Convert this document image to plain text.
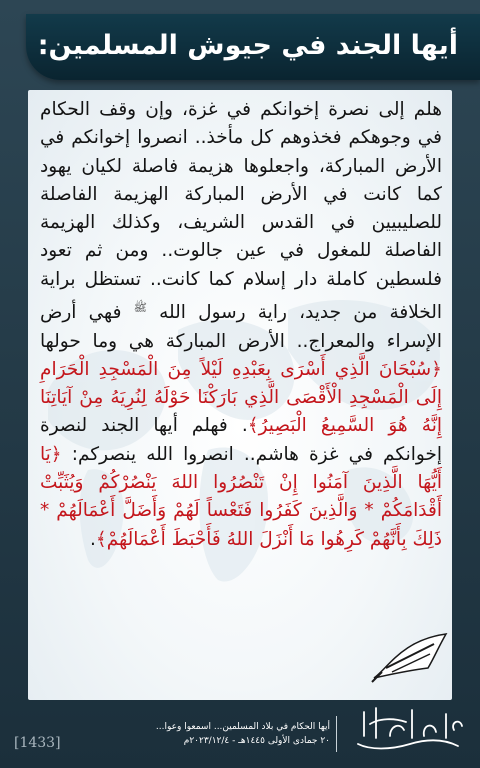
أيها الجند في جيوش المسلمين:

هلم إلى نصرة إخوانكم في غزة، وإن وقف الحكام في وجوهكم فخذوهم كل مأخذ.. انصروا إخوانكم في الأرض المباركة، واجعلوها هزيمة فاصلة لكيان يهود كما كانت في الأرض المباركة الهزيمة الفاصلة للصليبيين في القدس الشريف، وكذلك الهزيمة الفاصلة للمغول في عين جالوت.. ومن ثم تعود فلسطين كاملة دار إسلام كما كانت.. تستظل براية الخلافة من جديد، راية رسول الله $^ﷺ$ فهي أرض الإسراء والمعراج.. الأرض المباركة هي وما حولها ﴿سُبْحَانَ الَّذِي أَسْرَى بِعَبْدِهِ لَيْلاً مِنَ الْمَسْجِدِ الْحَرَامِ إِلَى الْمَسْجِدِ الْأَقْصَى الَّذِي بَارَكْنَا حَوْلَهُ لِنُرِيَهُ مِنْ آيَاتِنَا إِنَّهُ هُوَ السَّمِيعُ الْبَصِيرُ﴾. فهلم أيها الجند لنصرة إخوانكم في غزة هاشم.. انصروا الله ينصركم: ﴿يَا أَيُّهَا الَّذِينَ آمَنُوا إِنْ تَنْصُرُوا اللهَ يَنْصُرْكُمْ وَيُثَبِّتْ أَقْدَامَكُمْ * وَالَّذِينَ كَفَرُوا فَتَعْساً لَهُمْ وَأَضَلَّ أَعْمَالَهُمْ * ذَلِكَ بِأَنَّهُمْ كَرِهُوا مَا أَنْزَلَ اللهُ فَأَحْبَطَ أَعْمَالَهُمْ﴾.

أيها الحكام في بلاد المسلمين... اسمعوا وعوا...

٢٠ جمادى الأولى ١٤٤٥هـ - ٢٠٢٣/١٢/٤م

[1433]
